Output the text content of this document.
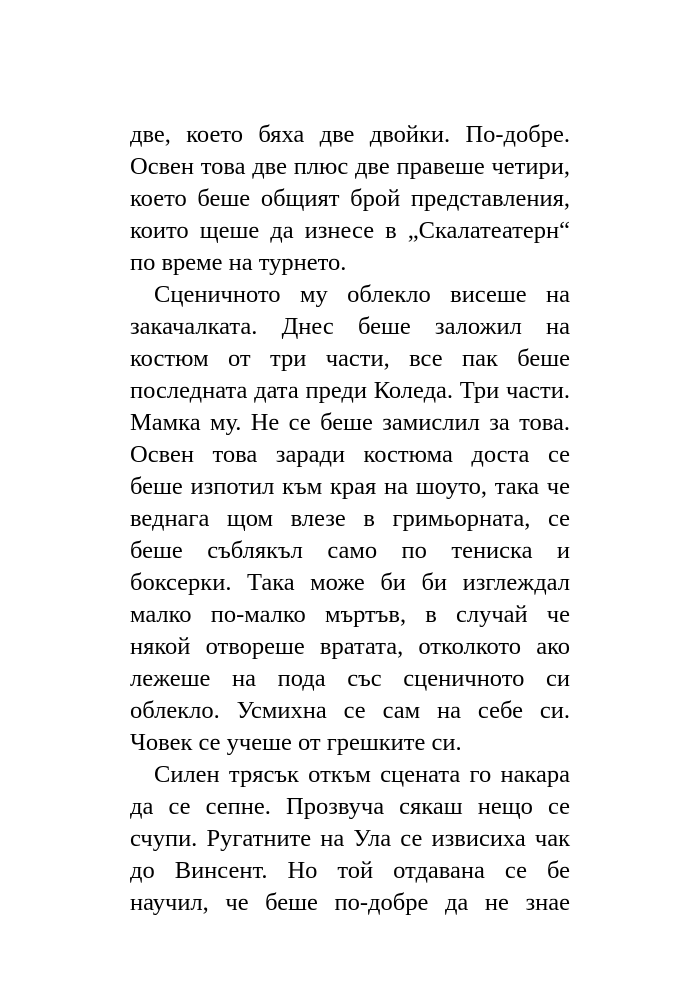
две, което бяха две двойки. По-добре.
Освен това две плюс две правеше четири,
което беше общият брой представления,
които щеше да изнесе в „Скалатеатерн“
по време на турнето.

Сценичното му облекло висеше на
закачалката. Днес беше заложил на
костюм от три части, все пак беше
последната дата преди Коледа. Три части.
Мамка му. Не се беше замислил за това.
Освен това заради костюма доста се
беше изпотил към края на шоуто, така че
веднага щом влезе в гримьорната, се
беше съблякъл само по тениска и
боксерки. Така може би би изглеждал
малко по-малко мъртъв, в случай че
някой отвореше вратата, отколкото ако
лежеше на пода със сценичното си
облекло. Усмихна се сам на себе си.
Човек се учеше от грешките си.

Силен трясък откъм сцената го накара
да се сепне. Прозвуча сякаш нещо се
счупи. Ругатните на Ула се извисиха чак
до Винсент. Но той отдавана се бе
научил, че беше по-добре да не знае
